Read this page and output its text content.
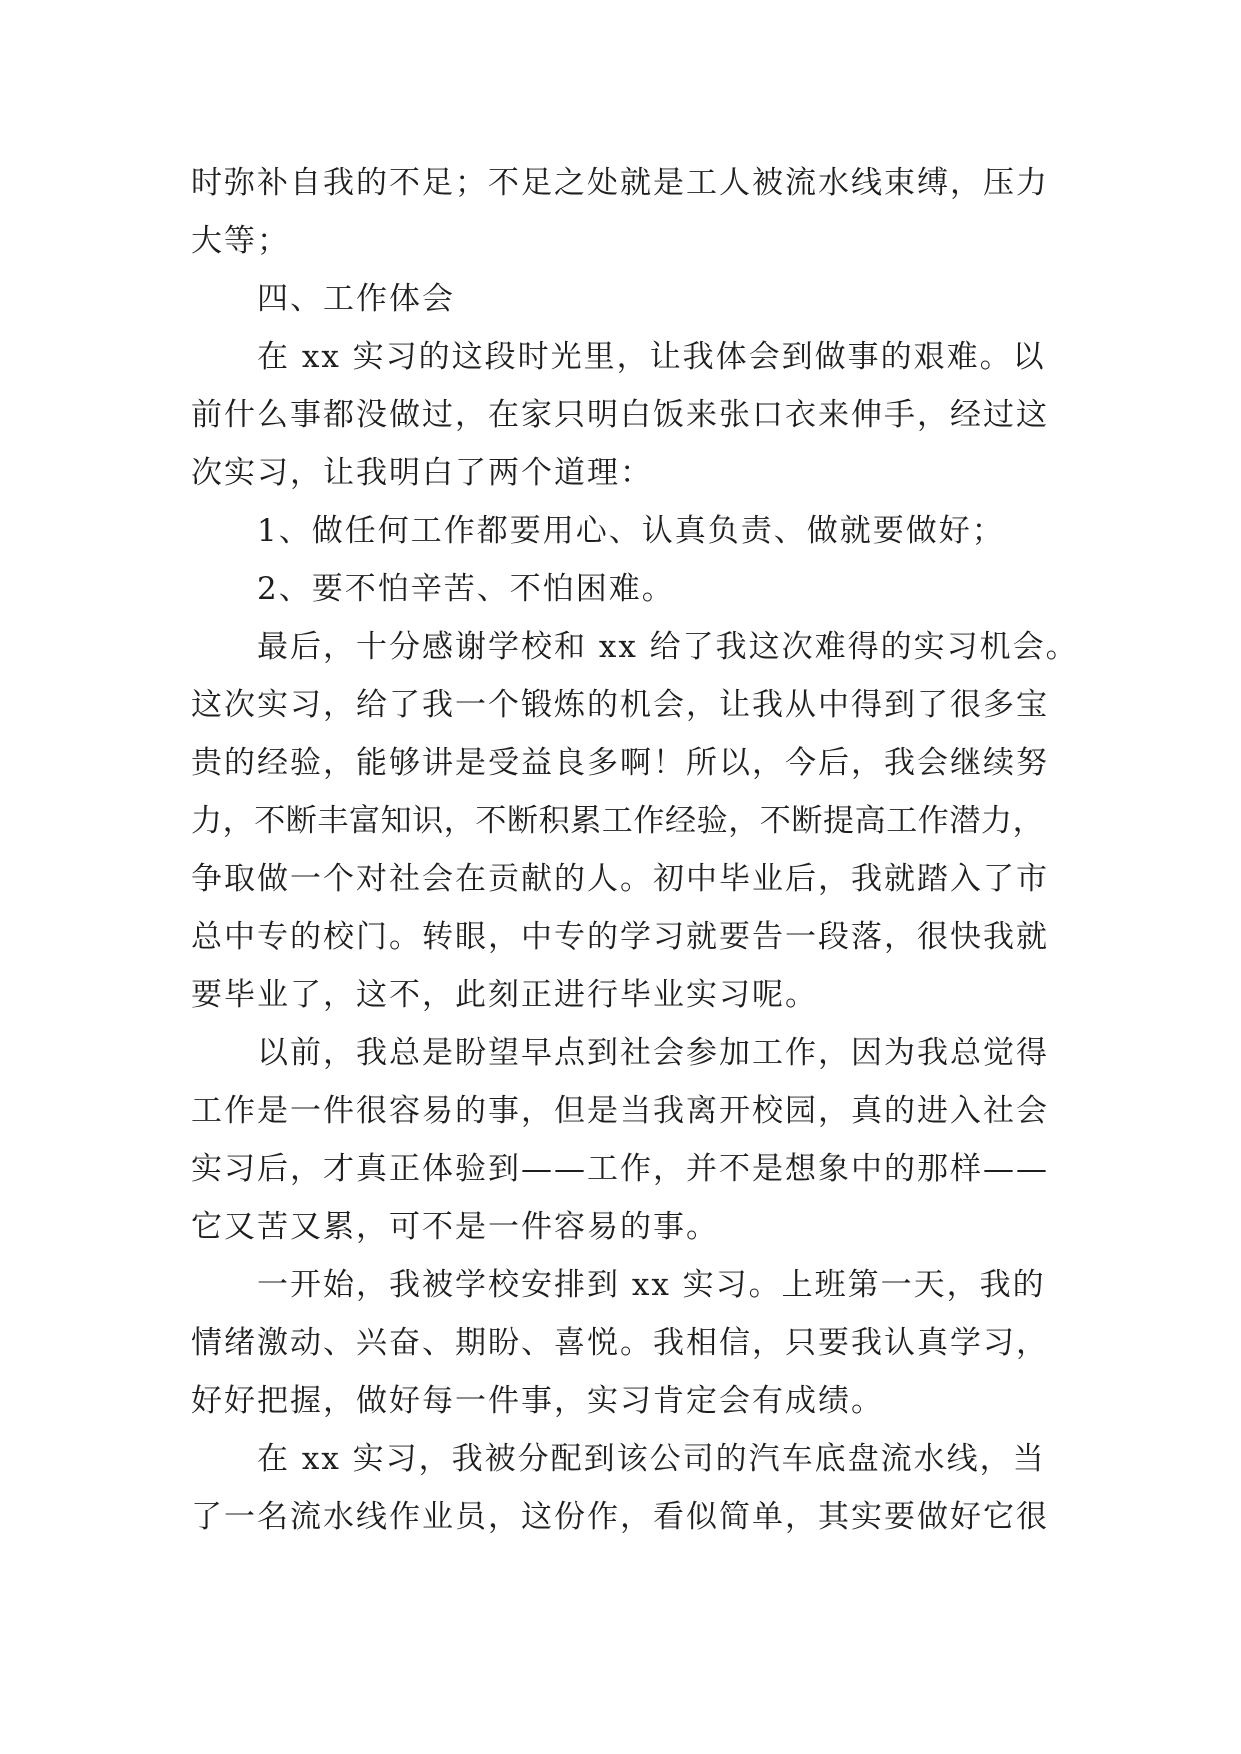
时弥补自我的不足；不足之处就是工人被流水线束缚，压力
大等；
四、工作体会
在 xx 实习的这段时光里，让我体会到做事的艰难。以
前什么事都没做过，在家只明白饭来张口衣来伸手，经过这
次实习，让我明白了两个道理：
1、做任何工作都要用心、认真负责、做就要做好；
2、要不怕辛苦、不怕困难。
最后，十分感谢学校和 xx 给了我这次难得的实习机会。
这次实习，给了我一个锻炼的机会，让我从中得到了很多宝
贵的经验，能够讲是受益良多啊！所以，今后，我会继续努
力，不断丰富知识，不断积累工作经验，不断提高工作潜力，
争取做一个对社会在贡献的人。初中毕业后，我就踏入了市
总中专的校门。转眼，中专的学习就要告一段落，很快我就
要毕业了，这不，此刻正进行毕业实习呢。
以前，我总是盼望早点到社会参加工作，因为我总觉得
工作是一件很容易的事，但是当我离开校园，真的进入社会
实习后，才真正体验到——工作，并不是想象中的那样——
它又苦又累，可不是一件容易的事。
一开始，我被学校安排到 xx 实习。上班第一天，我的
情绪激动、兴奋、期盼、喜悦。我相信，只要我认真学习，
好好把握，做好每一件事，实习肯定会有成绩。
在 xx 实习，我被分配到该公司的汽车底盘流水线，当
了一名流水线作业员，这份作，看似简单，其实要做好它很
